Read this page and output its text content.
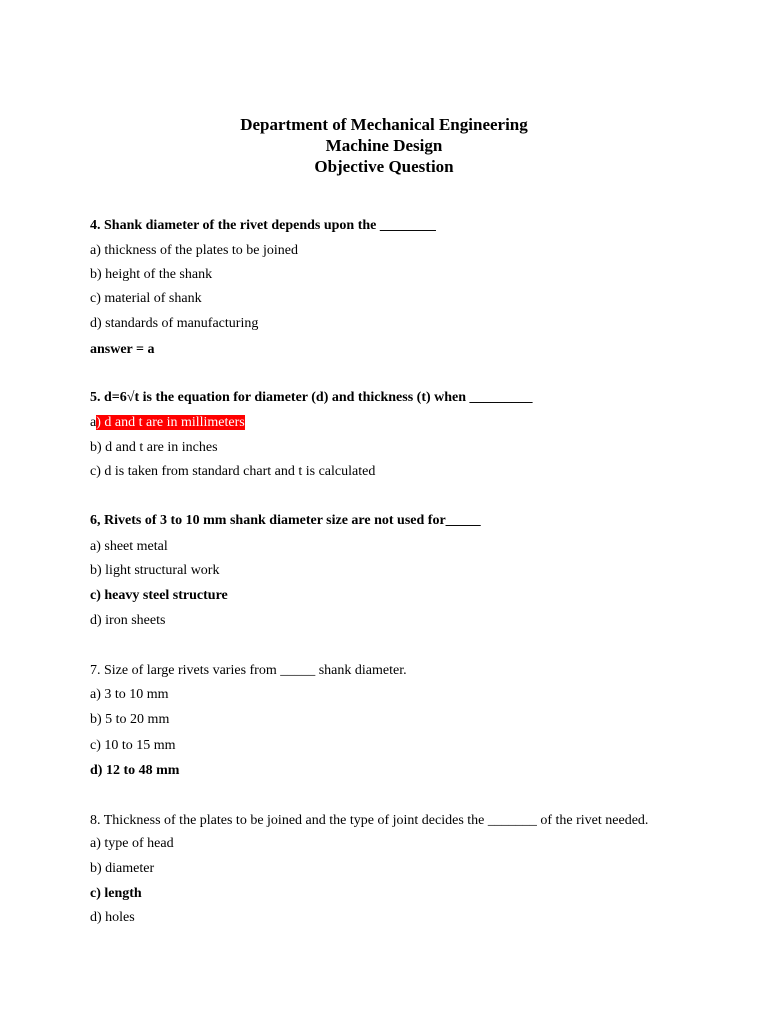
Department of Mechanical Engineering
Machine Design
Objective Question
4. Shank diameter of the rivet depends upon the ________
a) thickness of the plates to be joined
b) height of the shank
c) material of shank
d) standards of manufacturing
answer = a
5. d=6√t is the equation for diameter (d) and thickness (t) when _________
a) d and t are in millimeters
b) d and t are in inches
c) d is taken from standard chart and t is calculated
6, Rivets of 3 to 10 mm shank diameter size are not used for_____
a) sheet metal
b) light structural work
c) heavy steel structure
d) iron sheets
7. Size of large rivets varies from _____ shank diameter.
a) 3 to 10 mm
b) 5 to 20 mm
c) 10 to 15 mm
d) 12 to 48 mm
8. Thickness of the plates to be joined and the type of joint decides the _______ of the rivet needed.
a) type of head
b) diameter
c) length
d) holes
